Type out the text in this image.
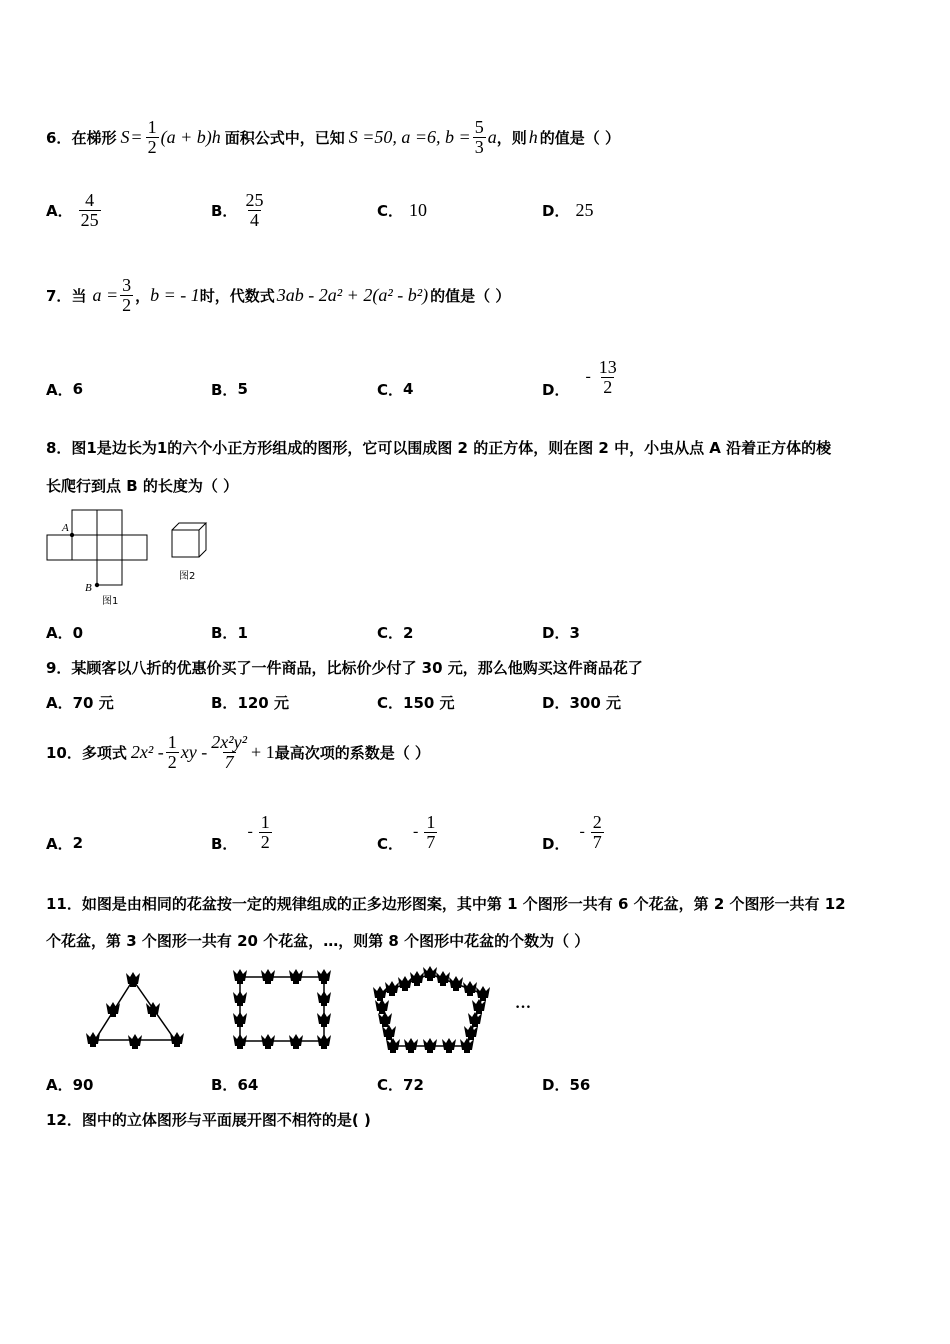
6． 在梯形 $S = \frac{1}{2} (a + b)h$ 面积公式中，已知 S =50, a =6, $b = \frac{5}{3}$ a ，则 h 的值是（ ）
A． $\frac{4}{25}$	B． $\frac{25}{4}$	C． 10	D． 25
7． 当 $a = \frac{3}{2}$ ， b = - 1 时，代数式 3ab - 2a² + 2(a² - b²) 的值是（ ）
A． 6	B． 5	C． 4	D．
- $\frac{13}{2}$
8．图1是边长为1的六个小正方形组成的图形，它可以围成图 2 的正方体，则在图 2 中，小虫从点 A 沿着正方体的棱
长爬行到点 B 的长度为（ ）
A
B
图1
图2
A．0	B．1	C．2	D．3
9．某顾客以八折的优惠价买了一件商品，比标价少付了 30 元，那么他购买这件商品花了
A．70 元	B．120 元	C．150 元	D．300 元
10． 多项式 $2x^2 - \frac{1}{2}$ xy - $\frac{\text{2x²y²}}{7} + 1$ 最高次项的系数是（ ）
A． 2	B．
- $\frac{1}{2}$	C．
- $\frac{1}{7}$	D．
- $\frac{2}{7}$
11．如图是由相同的花盆按一定的规律组成的正多边形图案，其中第 1 个图形一共有 6 个花盆，第 2 个图形一共有 12
个花盆，第 3 个图形一共有 20 个花盆，…，则第 8 个图形中花盆的个数为（ ）
…
A．90	B．64	C．72	D．56
12．图中的立体图形与平面展开图不相符的是( )
